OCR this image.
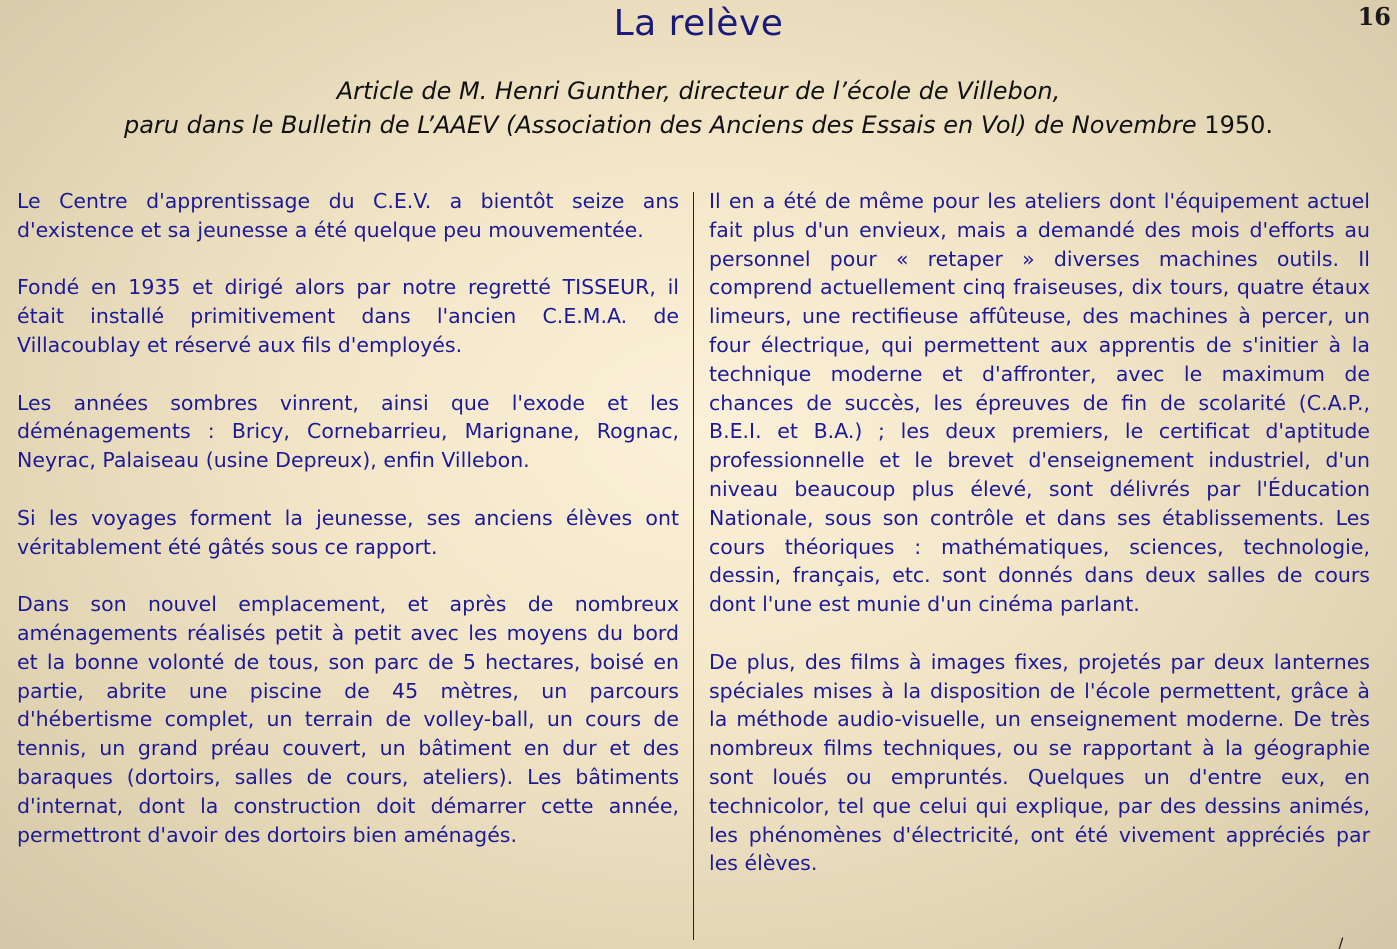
La relève	16
Article de M. Henri Gunther, directeur de l’école de Villebon,
paru dans le Bulletin de L’AAEV (Association des Anciens des Essais en Vol) de Novembre 1950.

Le Centre d'apprentissage du C.E.V. a bientôt seize ans d'existence et sa jeunesse a été quelque peu mouvementée.

Fondé en 1935 et dirigé alors par notre regretté TISSEUR, il était installé primitivement dans l'ancien C.E.M.A. de Villacoublay et réservé aux fils d'employés.

Les années sombres vinrent, ainsi que l'exode et les déménagements : Bricy, Cornebarrieu, Marignane, Rognac, Neyrac, Palaiseau (usine Depreux), enfin Villebon.

Si les voyages forment la jeunesse, ses anciens élèves ont véritablement été gâtés sous ce rapport.

Dans son nouvel emplacement, et après de nombreux aménagements réalisés petit à petit avec les moyens du bord et la bonne volonté de tous, son parc de 5 hectares, boisé en partie, abrite une piscine de 45 mètres, un parcours d'hébertisme complet, un terrain de volley-ball, un cours de tennis, un grand préau couvert, un bâtiment en dur et des baraques (dortoirs, salles de cours, ateliers). Les bâtiments d'internat, dont la construction doit démarrer cette année, permettront d'avoir des dortoirs bien aménagés.

Il en a été de même pour les ateliers dont l'équipement actuel fait plus d'un envieux, mais a demandé des mois d'efforts au personnel pour « retaper » diverses machines outils. Il comprend actuellement cinq fraiseuses, dix tours, quatre étaux limeurs, une rectifieuse affûteuse, des machines à percer, un four électrique, qui permettent aux apprentis de s'initier à la technique moderne et d'affronter, avec le maximum de chances de succès, les épreuves de fin de scolarité (C.A.P., B.E.I. et B.A.) ; les deux premiers, le certificat d'aptitude professionnelle et le brevet d'enseignement industriel, d'un niveau beaucoup plus élevé, sont délivrés par l'Éducation Nationale, sous son contrôle et dans ses établissements. Les cours théoriques : mathématiques, sciences, technologie, dessin, français, etc. sont donnés dans deux salles de cours dont l'une est munie d'un cinéma parlant.

De plus, des films à images fixes, projetés par deux lanternes spéciales mises à la disposition de l'école permettent, grâce à la méthode audio-visuelle, un enseignement moderne. De très nombreux films techniques, ou se rapportant à la géographie sont loués ou empruntés. Quelques un d'entre eux, en technicolor, tel que celui qui explique, par des dessins animés, les phénomènes d'électricité, ont été vivement appréciés par les élèves.

/
